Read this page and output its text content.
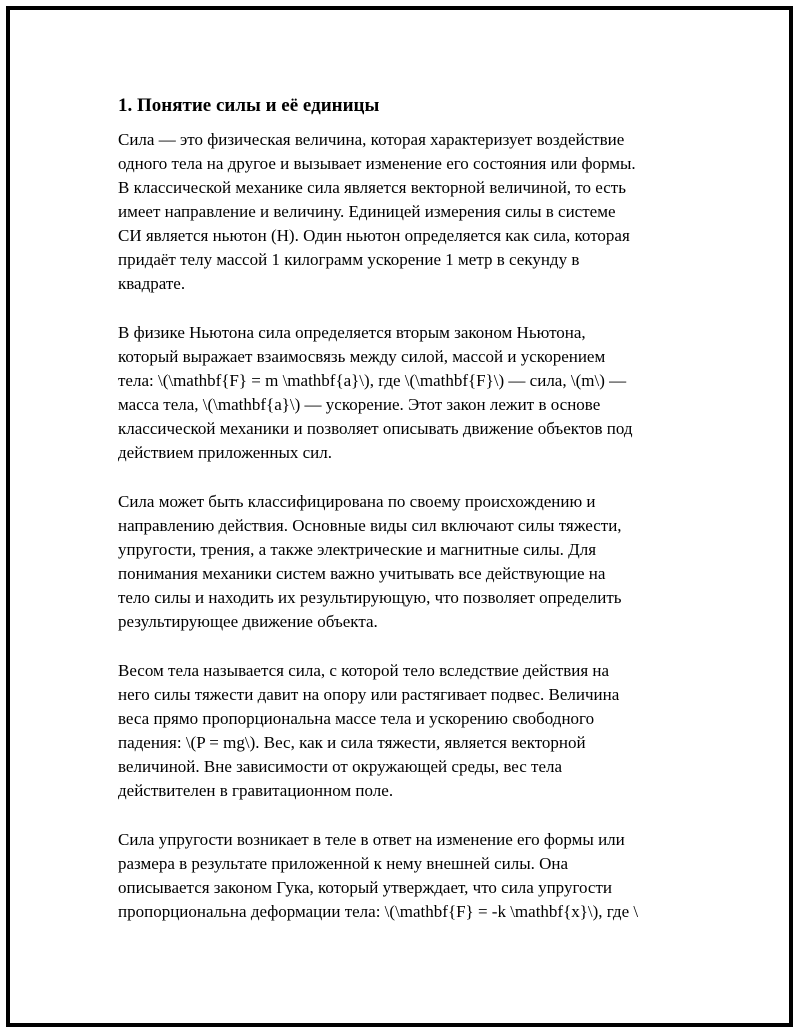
1. Понятие силы и её единицы

Сила — это физическая величина, которая характеризует воздействие
одного тела на другое и вызывает изменение его состояния или формы.
В классической механике сила является векторной величиной, то есть
имеет направление и величину. Единицей измерения силы в системе
СИ является ньютон (Н). Один ньютон определяется как сила, которая
придаёт телу массой 1 килограмм ускорение 1 метр в секунду в
квадрате.

В физике Ньютона сила определяется вторым законом Ньютона,
который выражает взаимосвязь между силой, массой и ускорением
тела: \(\mathbf{F} = m \mathbf{a}\), где \(\mathbf{F}\) — сила, \(m\) —
масса тела, \(\mathbf{a}\) — ускорение. Этот закон лежит в основе
классической механики и позволяет описывать движение объектов под
действием приложенных сил.

Сила может быть классифицирована по своему происхождению и
направлению действия. Основные виды сил включают силы тяжести,
упругости, трения, а также электрические и магнитные силы. Для
понимания механики систем важно учитывать все действующие на
тело силы и находить их результирующую, что позволяет определить
результирующее движение объекта.

Весом тела называется сила, с которой тело вследствие действия на
него силы тяжести давит на опору или растягивает подвес. Величина
веса прямо пропорциональна массе тела и ускорению свободного
падения: \(P = mg\). Вес, как и сила тяжести, является векторной
величиной. Вне зависимости от окружающей среды, вес тела
действителен в гравитационном поле.

Сила упругости возникает в теле в ответ на изменение его формы или
размера в результате приложенной к нему внешней силы. Она
описывается законом Гука, который утверждает, что сила упругости
пропорциональна деформации тела: \(\mathbf{F} = -k \mathbf{x}\), где \
